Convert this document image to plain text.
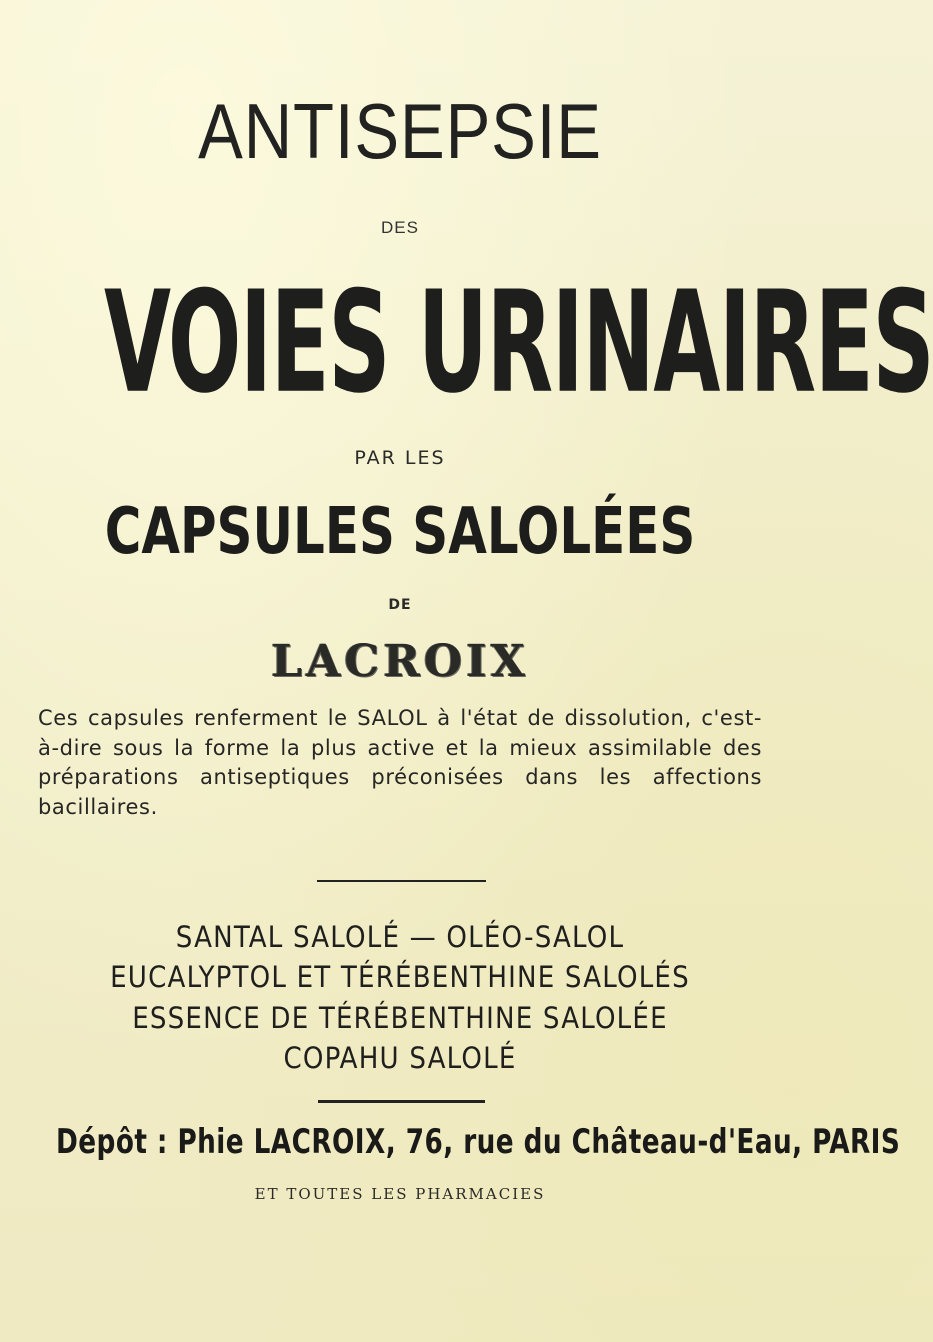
ANTISEPSIE
DES
VOIES URINAIRES
PAR LES
CAPSULES SALOLÉES
DE
LACROIX
Ces capsules renferment le SALOL à l'état de dissolution, c'est-à-dire sous la forme la plus active et la mieux assimilable des préparations antiseptiques préconisées dans les affections bacillaires.
SANTAL SALOLÉ — OLÉO-SALOL
EUCALYPTOL ET TÉRÉBENTHINE SALOLÉS
ESSENCE DE TÉRÉBENTHINE SALOLÉE
COPAHU SALOLÉ
Dépôt : Phie LACROIX, 76, rue du Château-d'Eau, PARIS
ET TOUTES LES PHARMACIES
